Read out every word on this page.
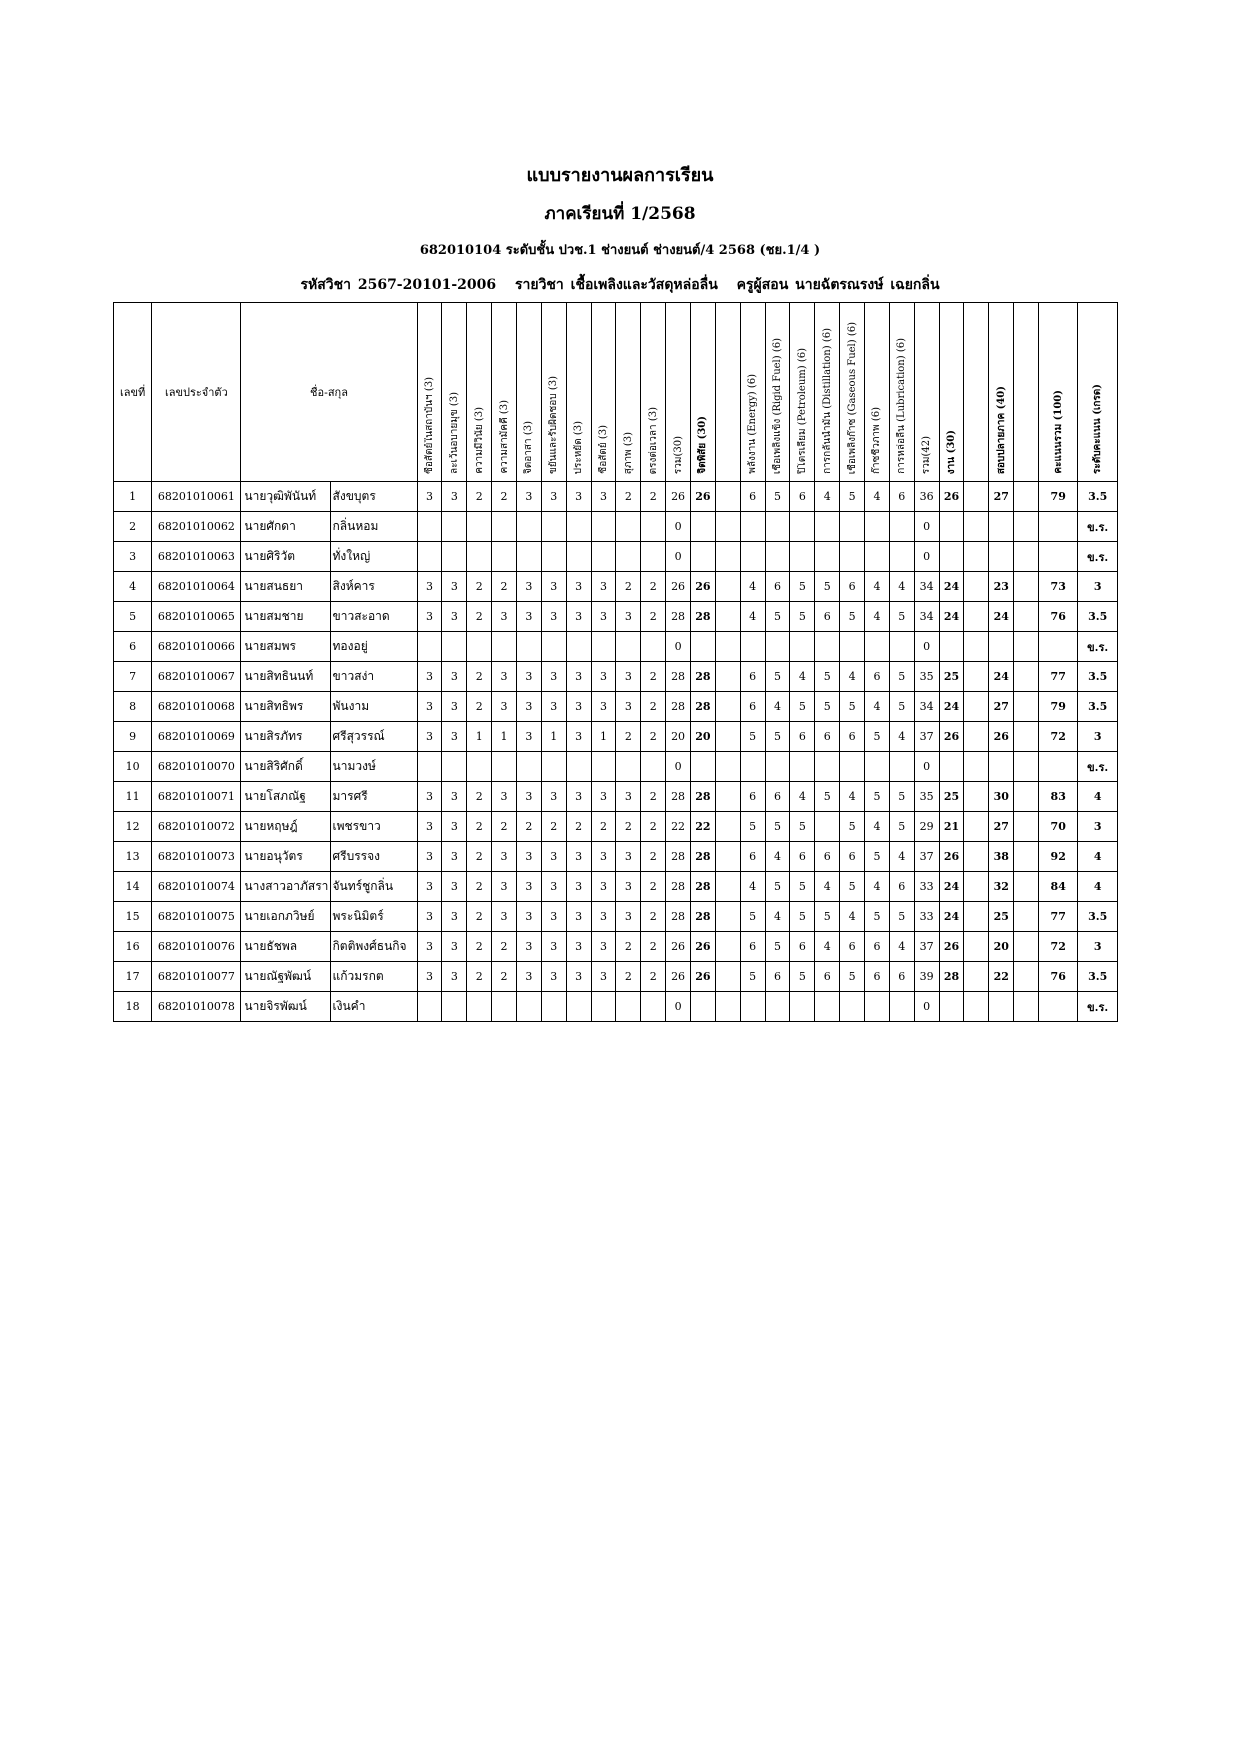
แบบรายงานผลการเรียน
ภาคเรียนที่ 1/2568
682010104 ระดับชั้น ปวช.1 ช่างยนต์ ช่างยนต์/4 2568 (ชย.1/4 )
รหัสวิชา 2567-20101-2006 รายวิชา เชื้อเพลิงและวัสดุหล่อลื่น ครูผู้สอน นายฉัตรณรงษ์ เฉยกลิ่น
เลขที่	เลขประจำตัว	ชื่อ-สกุล		ซื่อสัตย์ในสถาบันฯ (3)	ละเว้นอบายมุข (3)	ความมีวินัย (3)	ความสามัคคี (3)	จิตอาสา (3)	ขยันและรับผิดชอบ (3)	ประหยัด (3)	ซื่อสัตย์ (3)	สุภาพ (3)	ตรงต่อเวลา (3)	รวม(30)	จิตพิสัย (30)		พลังงาน (Energy) (6)	เชื้อเพลิงแข็ง (Rigid Fuel) (6)	ปิโตรเลียม (Petroleum) (6)	การกลั่นน้ำมัน (Distillation) (6)	เชื้อเพลิงก๊าซ (Gaseous Fuel) (6)	ก๊าซชีวภาพ (6)	การหล่อลื่น (Lubrication) (6)	รวม(42)	งาน (30)		สอบปลายภาค (40)		คะแนนรวม (100)	ระดับคะแนน (เกรด)
1	68201010061	นายวุฒิพันันท์	สังขบุตร	3	3	2	2	3	3	3	3	2	2	26	26		6	5	6	4	5	4	6	36	26		27		79	3.5
2	68201010062	นายศักดา	กลิ่นหอม											0										0						ข.ร.
3	68201010063	นายศิริวัต	ทั่งใหญ่											0										0						ข.ร.
4	68201010064	นายสนธยา	สิงห์คาร	3	3	2	2	3	3	3	3	2	2	26	26		4	6	5	5	6	4	4	34	24		23		73	3
5	68201010065	นายสมชาย	ขาวสะอาด	3	3	2	3	3	3	3	3	3	2	28	28		4	5	5	6	5	4	5	34	24		24		76	3.5
6	68201010066	นายสมพร	ทองอยู่											0										0						ข.ร.
7	68201010067	นายสิทธินนท์	ขาวสง่า	3	3	2	3	3	3	3	3	3	2	28	28		6	5	4	5	4	6	5	35	25		24		77	3.5
8	68201010068	นายสิทธิพร	พันงาม	3	3	2	3	3	3	3	3	3	2	28	28		6	4	5	5	5	4	5	34	24		27		79	3.5
9	68201010069	นายสิรภัทร	ศรีสุวรรณ์	3	3	1	1	3	1	3	1	2	2	20	20		5	5	6	6	6	5	4	37	26		26		72	3
10	68201010070	นายสิริศักดิ์	นามวงษ์											0										0						ข.ร.
11	68201010071	นายโสภณัฐ	มารศรี	3	3	2	3	3	3	3	3	3	2	28	28		6	6	4	5	4	5	5	35	25		30		83	4
12	68201010072	นายหฤษฎ์	เพชรขาว	3	3	2	2	2	2	2	2	2	2	22	22		5	5	5		5	4	5	29	21		27		70	3
13	68201010073	นายอนุวัตร	ศรีบรรจง	3	3	2	3	3	3	3	3	3	2	28	28		6	4	6	6	6	5	4	37	26		38		92	4
14	68201010074	นางสาวอาภัสรา	จันทร์ชูกลิ่น	3	3	2	3	3	3	3	3	3	2	28	28		4	5	5	4	5	4	6	33	24		32		84	4
15	68201010075	นายเอกภวิษย์	พระนิมิตร์	3	3	2	3	3	3	3	3	3	2	28	28		5	4	5	5	4	5	5	33	24		25		77	3.5
16	68201010076	นายธัชพล	กิตติพงศ์ธนกิจ	3	3	2	2	3	3	3	3	2	2	26	26		6	5	6	4	6	6	4	37	26		20		72	3
17	68201010077	นายณัฐพัฒน์	แก้วมรกต	3	3	2	2	3	3	3	3	2	2	26	26		5	6	5	6	5	6	6	39	28		22		76	3.5
18	68201010078	นายจิรพัฒน์	เงินคำ											0										0						ข.ร.
